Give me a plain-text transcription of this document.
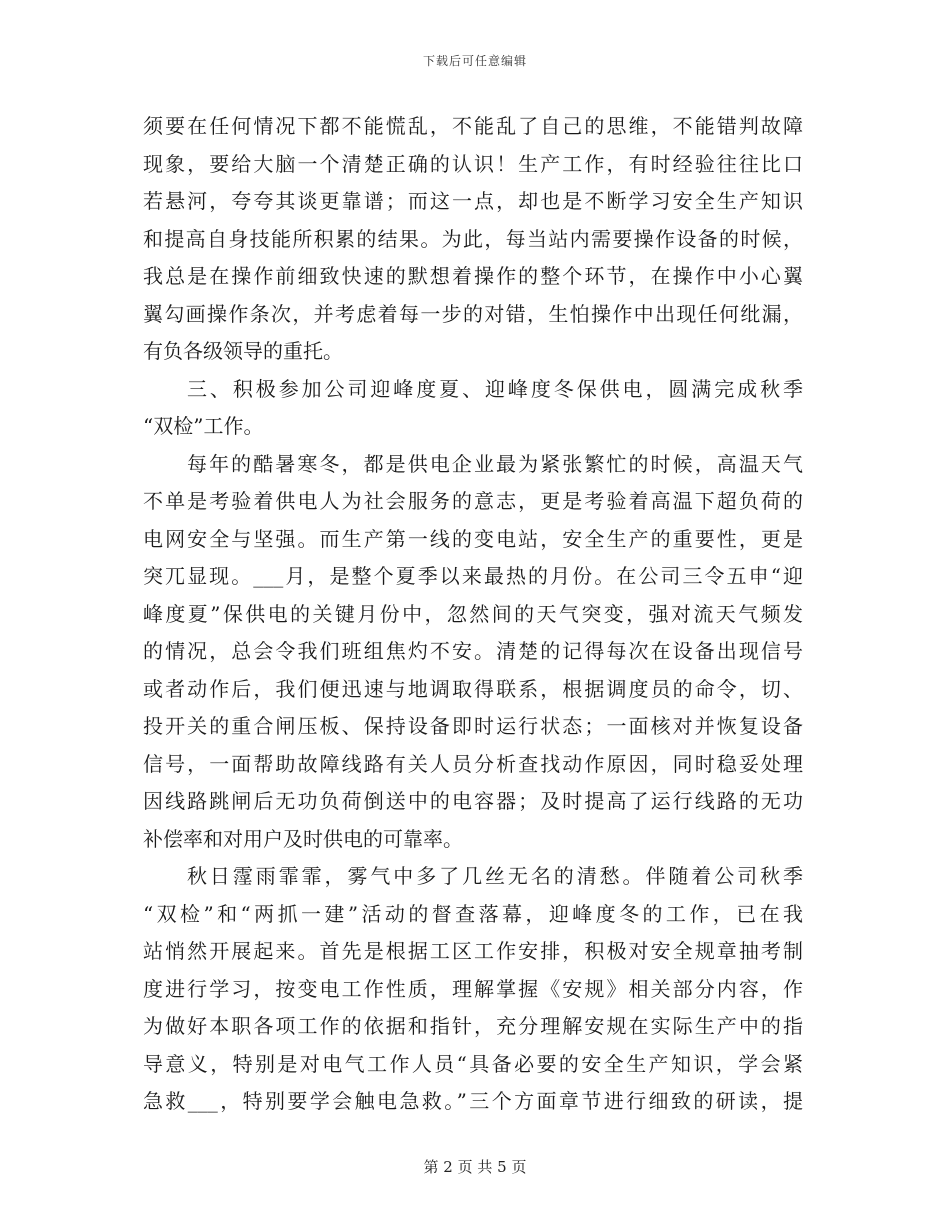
下载后可任意编辑
须要在任何情况下都不能慌乱，不能乱了自己的思维，不能错判故障
现象，要给大脑一个清楚正确的认识！生产工作，有时经验往往比口
若悬河，夸夸其谈更靠谱；而这一点，却也是不断学习安全生产知识
和提高自身技能所积累的结果。为此，每当站内需要操作设备的时候，
我总是在操作前细致快速的默想着操作的整个环节，在操作中小心翼
翼勾画操作条次，并考虑着每一步的对错，生怕操作中出现任何纰漏，
有负各级领导的重托。
三、积极参加公司迎峰度夏、迎峰度冬保供电，圆满完成秋季
“双检”工作。
每年的酷暑寒冬，都是供电企业最为紧张繁忙的时候，高温天气
不单是考验着供电人为社会服务的意志，更是考验着高温下超负荷的
电网安全与坚强。而生产第一线的变电站，安全生产的重要性，更是
突兀显现。___月，是整个夏季以来最热的月份。在公司三令五申“迎
峰度夏”保供电的关键月份中，忽然间的天气突变，强对流天气频发
的情况，总会令我们班组焦灼不安。清楚的记得每次在设备出现信号
或者动作后，我们便迅速与地调取得联系，根据调度员的命令，切、
投开关的重合闸压板、保持设备即时运行状态；一面核对并恢复设备
信号，一面帮助故障线路有关人员分析查找动作原因，同时稳妥处理
因线路跳闸后无功负荷倒送中的电容器；及时提高了运行线路的无功
补偿率和对用户及时供电的可靠率。
秋日霪雨霏霏，雾气中多了几丝无名的清愁。伴随着公司秋季
“双检”和“两抓一建”活动的督查落幕，迎峰度冬的工作，已在我
站悄然开展起来。首先是根据工区工作安排，积极对安全规章抽考制
度进行学习，按变电工作性质，理解掌握《安规》相关部分内容，作
为做好本职各项工作的依据和指针，充分理解安规在实际生产中的指
导意义，特别是对电气工作人员“具备必要的安全生产知识，学会紧
急救___，特别要学会触电急救。”三个方面章节进行细致的研读，提
第 2 页 共 5 页
